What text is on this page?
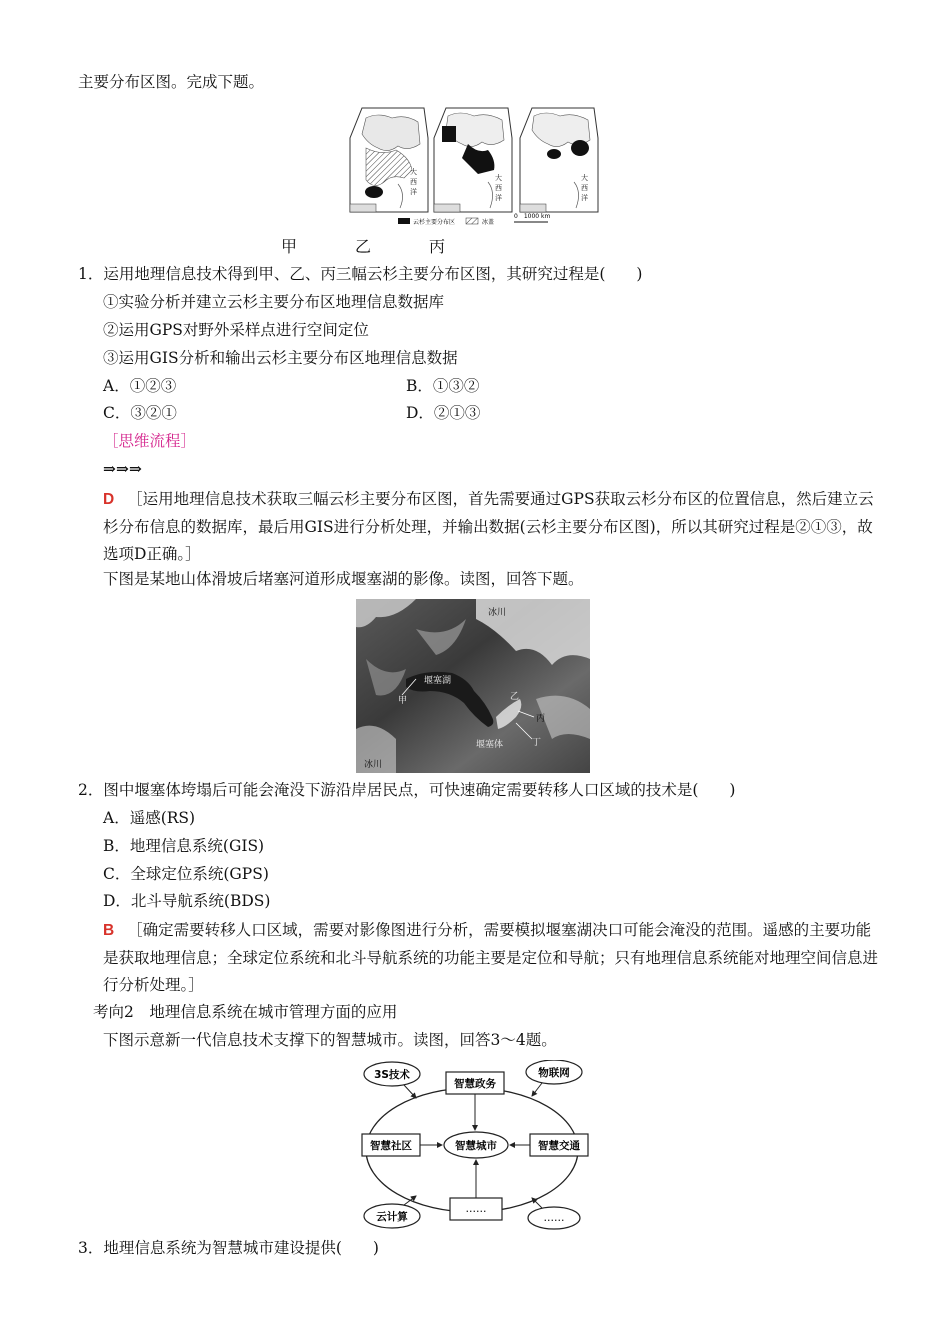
主要分布区图。完成下题。
大
西
洋
大
西
洋
大
西
洋
云杉主要分布区	冰盖
0　1000 km
甲	乙	丙
1．运用地理信息技术得到甲、乙、丙三幅云杉主要分布区图，其研究过程是(　　)
①实验分析并建立云杉主要分布区地理信息数据库
②运用GPS对野外采样点进行空间定位
③运用GIS分析和输出云杉主要分布区地理信息数据
A．①②③	B．①③②
C．③②①	D．②①③
［思维流程］
⇒⇒⇒
D ［运用地理信息技术获取三幅云杉主要分布区图，首先需要通过GPS获取云杉分布区的位置信息，然后建立云杉分布信息的数据库，最后用GIS进行分析处理，并输出数据(云杉主要分布区图)，所以其研究过程是②①③，故选项D正确。］
下图是某地山体滑坡后堵塞河道形成堰塞湖的影像。读图，回答下题。
冰川
冰川
堰塞湖
堰塞体
甲	乙
丙
丁
2．图中堰塞体垮塌后可能会淹没下游沿岸居民点，可快速确定需要转移人口区域的技术是(　　)
A．遥感(RS)
B．地理信息系统(GIS)
C．全球定位系统(GPS)
D．北斗导航系统(BDS)
B ［确定需要转移人口区域，需要对影像图进行分析，需要模拟堰塞湖决口可能会淹没的范围。遥感的主要功能是获取地理信息；全球定位系统和北斗导航系统的功能主要是定位和导航；只有地理信息系统能对地理空间信息进行分析处理。］
考向2　地理信息系统在城市管理方面的应用
下图示意新一代信息技术支撑下的智慧城市。读图，回答3～4题。
3S技术	物联网
智慧政务
智慧社区	智慧交通
智慧城市
……
云计算	……
3．地理信息系统为智慧城市建设提供(　　)
